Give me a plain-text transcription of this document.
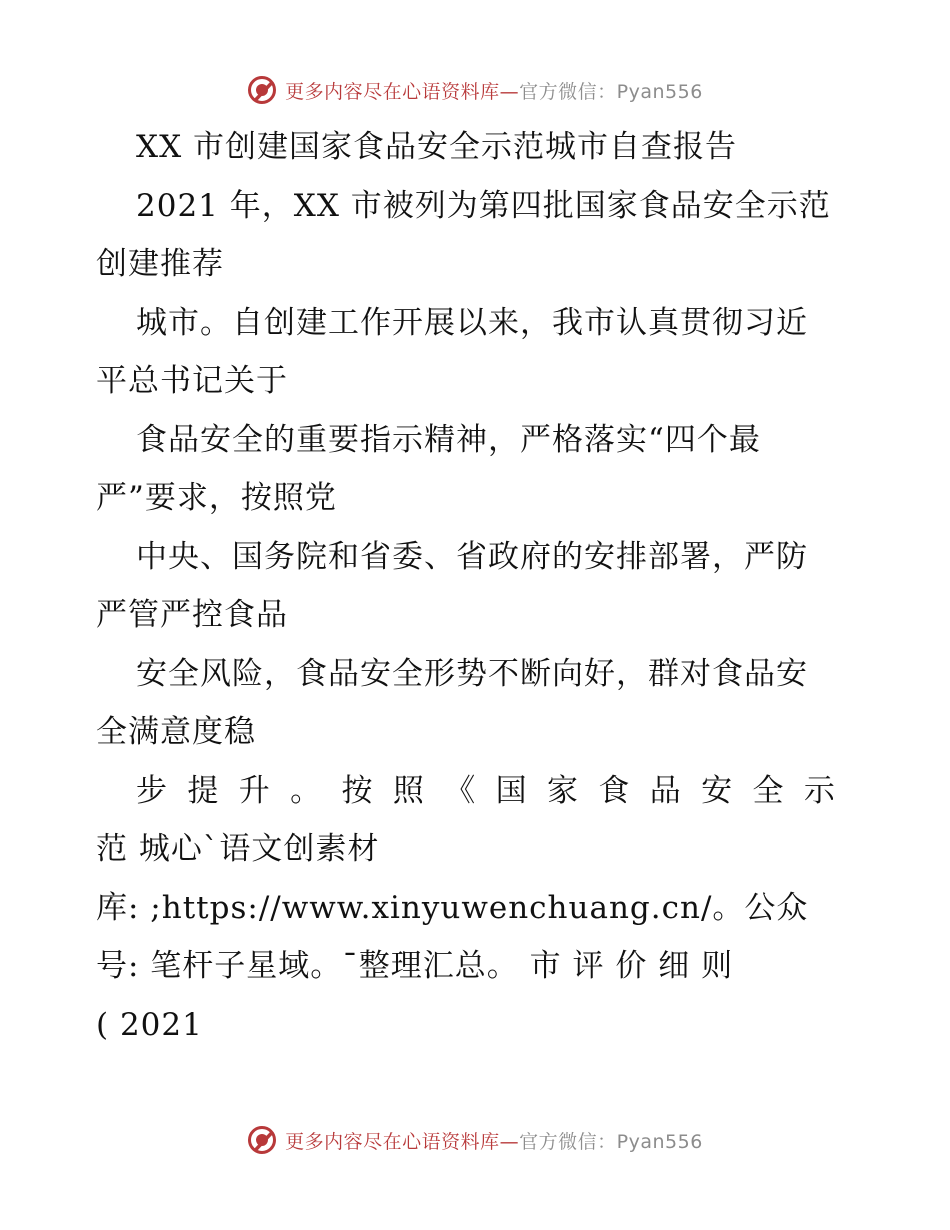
更多内容尽在心语资料库—官方微信：Pyan556
XX 市创建国家食品安全示范城市自查报告
2021 年，XX 市被列为第四批国家食品安全示范
创建推荐
城市。自创建工作开展以来，我市认真贯彻习近
平总书记关于
食品安全的重要指示精神，严格落实“四个最
严”要求，按照党
中央、国务院和省委、省政府的安排部署，严防
严管严控食品
安全风险，食品安全形势不断向好，群对食品安
全满意度稳
步 提 升 。 按 照 《 国 家 食 品 安 全 示
范 城心`语文创素材
库: ;https://www.xinyuwenchuang.cn/。公众
号: 笔杆子星域。¯整理汇总。 市 评 价 细 则
( 2021
更多内容尽在心语资料库—官方微信：Pyan556
